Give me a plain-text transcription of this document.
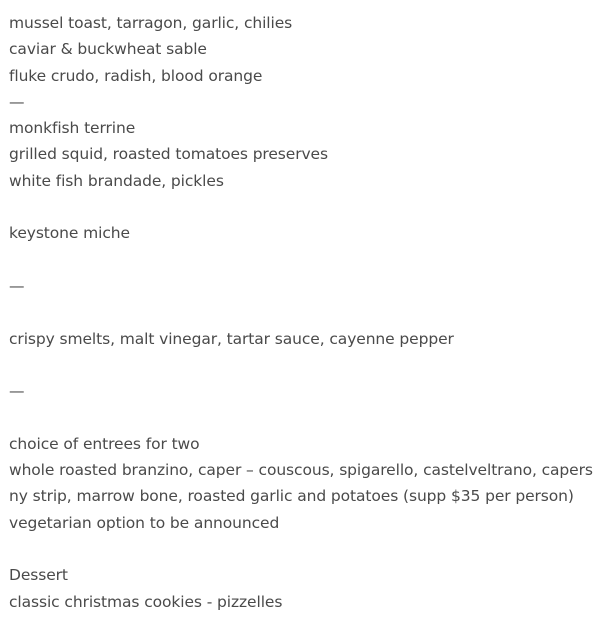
mussel toast, tarragon, garlic, chilies
caviar & buckwheat sable
fluke crudo, radish, blood orange
—
monkfish terrine
grilled squid, roasted tomatoes preserves
white fish brandade, pickles
keystone miche
—
crispy smelts, malt vinegar, tartar sauce, cayenne pepper
—
choice of entrees for two
whole roasted branzino, caper – couscous, spigarello, castelveltrano, capers
ny strip, marrow bone, roasted garlic and potatoes (supp $35 per person)
vegetarian option to be announced
Dessert
classic christmas cookies - pizzelles
